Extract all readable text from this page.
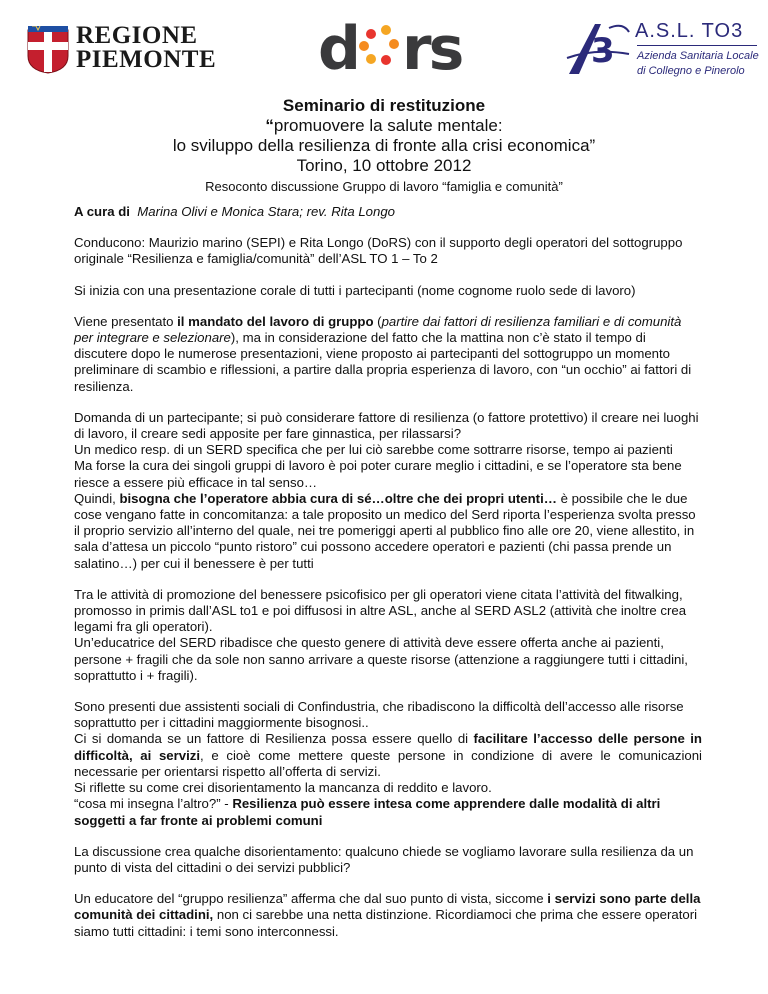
REGIONE
PIEMONTE d rs	3 A.S.L. TO3
Azienda Sanitaria Locale
di Collegno e Pinerolo
Seminario di restituzione
“promuovere la salute mentale:
lo sviluppo della resilienza di fronte alla crisi economica”
Torino, 10 ottobre 2012
Resoconto discussione Gruppo di lavoro “famiglia e comunità”

A cura di Marina Olivi e Monica Stara; rev. Rita Longo

Conducono: Maurizio marino (SEPI) e Rita Longo (DoRS) con il supporto degli operatori del sottogruppo originale “Resilienza e famiglia/comunità” dell’ASL TO 1 – To 2

Si inizia con una presentazione corale di tutti i partecipanti (nome cognome ruolo sede di lavoro)

Viene presentato il mandato del lavoro di gruppo (partire dai fattori di resilienza familiari e di comunità per integrare e selezionare), ma in considerazione del fatto che la mattina non c’è stato il tempo di discutere dopo le numerose presentazioni, viene proposto ai partecipanti del sottogruppo un momento preliminare di scambio e riflessioni, a partire dalla propria esperienza di lavoro, con “un occhio” ai fattori di resilienza.

Domanda di un partecipante; si può considerare fattore di resilienza (o fattore protettivo) il creare nei luoghi di lavoro, il creare sedi apposite per fare ginnastica, per rilassarsi?
Un medico resp. di un SERD specifica che per lui ciò sarebbe come sottrarre risorse, tempo ai pazienti
Ma forse la cura dei singoli gruppi di lavoro è poi poter curare meglio i cittadini, e se l’operatore sta bene riesce a essere più efficace in tal senso…
Quindi, bisogna che l’operatore abbia cura di sé…oltre che dei propri utenti… è possibile che le due cose vengano fatte in concomitanza: a tale proposito un medico del Serd riporta l’esperienza svolta presso il proprio servizio all’interno del quale, nei tre pomeriggi aperti al pubblico fino alle ore 20, viene allestito, in sala d’attesa un piccolo “punto ristoro” cui possono accedere operatori e pazienti (chi passa prende un salatino…) per cui il benessere è per tutti

Tra le attività di promozione del benessere psicofisico per gli operatori viene citata l’attività del fitwalking, promosso in primis dall’ASL to1 e poi diffusosi in altre ASL, anche al SERD ASL2 (attività che inoltre crea legami fra gli operatori).
Un’educatrice del SERD ribadisce che questo genere di attività deve essere offerta anche ai pazienti, persone + fragili che da sole non sanno arrivare a queste risorse (attenzione a raggiungere tutti i cittadini, soprattutto i + fragili).

Sono presenti due assistenti sociali di Confindustria, che ribadiscono la difficoltà dell’accesso alle risorse soprattutto per i cittadini maggiormente bisognosi..

Ci si domanda se un fattore di Resilienza possa essere quello di facilitare l’accesso delle persone in difficoltà, ai servizi, e cioè come mettere queste persone in condizione di avere le comunicazioni necessarie per orientarsi rispetto all’offerta di servizi.
Si riflette su come crei disorientamento la mancanza di reddito e lavoro.
“cosa mi insegna l’altro?” - Resilienza può essere intesa come apprendere dalle modalità di altri soggetti a far fronte ai problemi comuni

La discussione crea qualche disorientamento: qualcuno chiede se vogliamo lavorare sulla resilienza da un punto di vista del cittadini o dei servizi pubblici?

Un educatore del “gruppo resilienza” afferma che dal suo punto di vista, siccome i servizi sono parte della comunità dei cittadini, non ci sarebbe una netta distinzione. Ricordiamoci che prima che essere operatori siamo tutti cittadini: i temi sono interconnessi.
